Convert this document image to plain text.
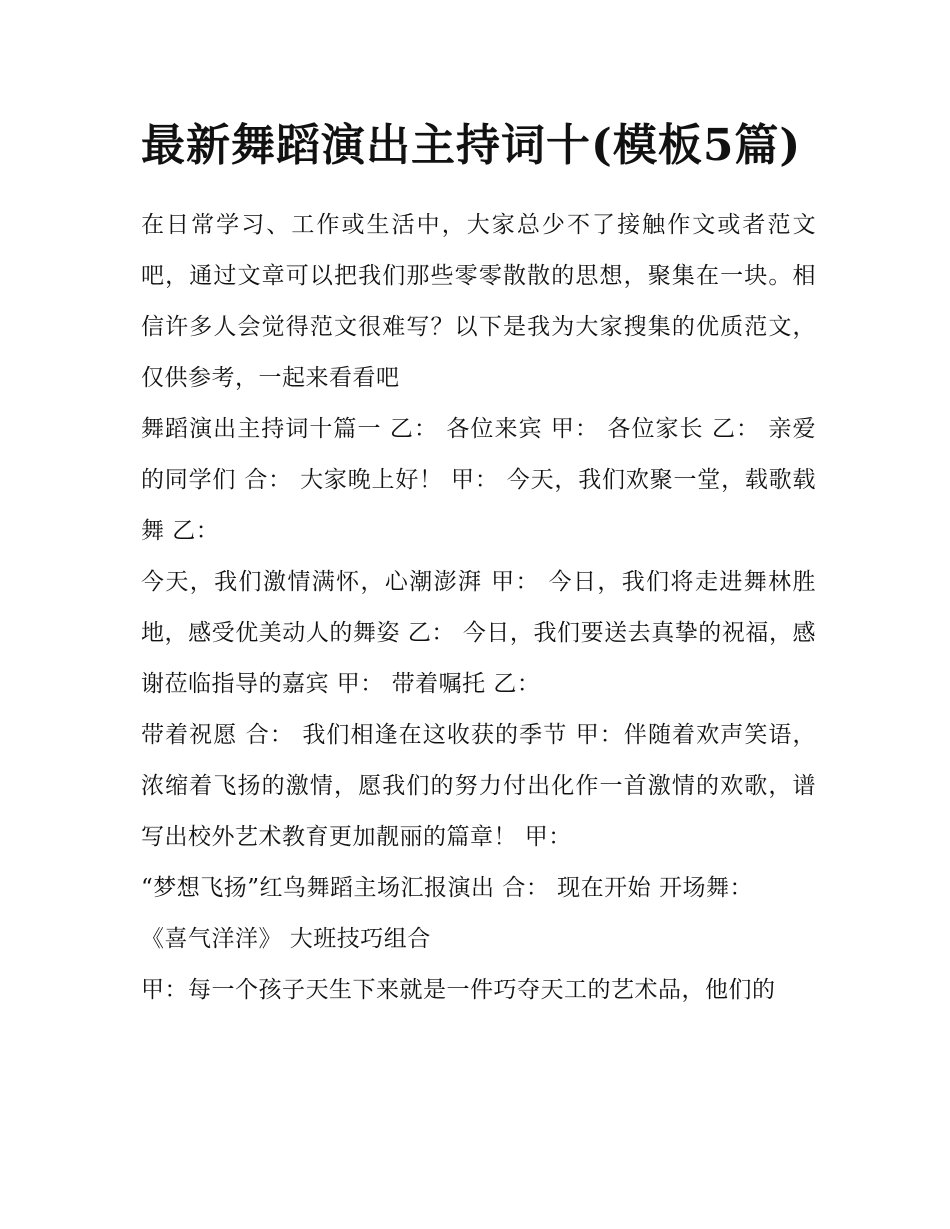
最新舞蹈演出主持词十(模板5篇)

在日常学习、工作或生活中，大家总少不了接触作文或者范文吧，通过文章可以把我们那些零零散散的思想，聚集在一块。相信许多人会觉得范文很难写？以下是我为大家搜集的优质范文，仅供参考，一起来看看吧

舞蹈演出主持词十篇一 乙： 各位来宾 甲： 各位家长 乙： 亲爱的同学们 合： 大家晚上好！ 甲： 今天，我们欢聚一堂，载歌载舞 乙：

今天，我们激情满怀，心潮澎湃 甲： 今日，我们将走进舞林胜地，感受优美动人的舞姿 乙： 今日，我们要送去真挚的祝福，感谢莅临指导的嘉宾 甲： 带着嘱托 乙：

带着祝愿 合： 我们相逢在这收获的季节 甲：伴随着欢声笑语，浓缩着飞扬的激情，愿我们的努力付出化作一首激情的欢歌，谱写出校外艺术教育更加靓丽的篇章！ 甲：

“梦想飞扬”红鸟舞蹈主场汇报演出 合： 现在开始 开场舞：

《喜气洋洋》 大班技巧组合

甲：每一个孩子天生下来就是一件巧夺天工的艺术品，他们的
